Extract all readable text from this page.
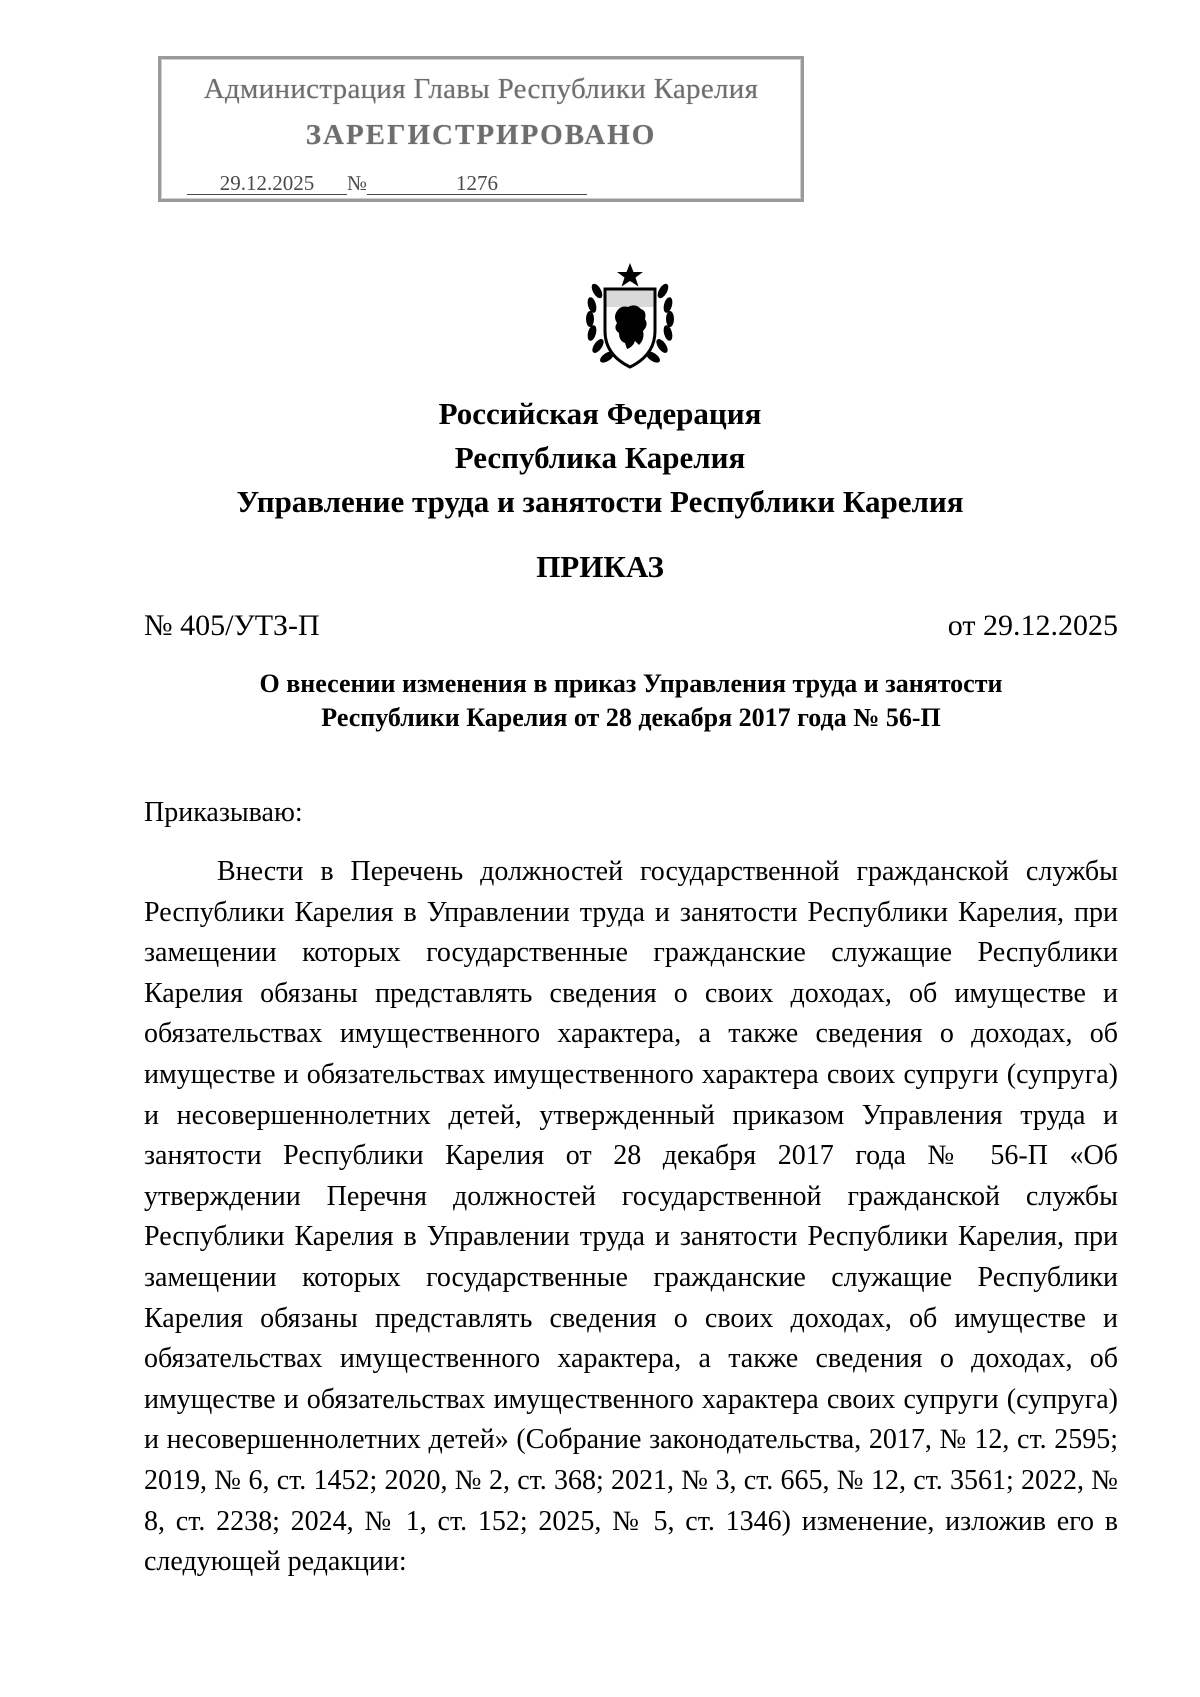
Администрация Главы Республики Карелия
ЗАРЕГИСТРИРОВАНО
29.12.2025 №	1276
Российская Федерация
Республика Карелия
Управление труда и занятости Республики Карелия
ПРИКАЗ
№ 405/УТЗ-П	от 29.12.2025
О внесении изменения в приказ Управления труда и занятости
Республики Карелия от 28 декабря 2017 года № 56-П
Приказываю:

Внести в Перечень должностей государственной гражданской службы Республики Карелия в Управлении труда и занятости Республики Карелия, при замещении которых государственные гражданские служащие Республики Карелия обязаны представлять сведения о своих доходах, об имуществе и обязательствах имущественного характера, а также сведения о доходах, об имуществе и обязательствах имущественного характера своих супруги (супруга) и несовершеннолетних детей, утвержденный приказом Управления труда и занятости Республики Карелия от 28 декабря 2017 года № 56-П «Об утверждении Перечня должностей государственной гражданской службы Республики Карелия в Управлении труда и занятости Республики Карелия, при замещении которых государственные гражданские служащие Республики Карелия обязаны представлять сведения о своих доходах, об имуществе и обязательствах имущественного характера, а также сведения о доходах, об имуществе и обязательствах имущественного характера своих супруги (супруга) и несовершеннолетних детей» (Собрание законодательства, 2017, № 12, ст. 2595; 2019, № 6, ст. 1452; 2020, № 2, ст. 368; 2021, № 3, ст. 665, № 12, ст. 3561; 2022, № 8, ст. 2238; 2024, № 1, ст. 152; 2025, № 5, ст. 1346) изменение, изложив его в следующей редакции:
